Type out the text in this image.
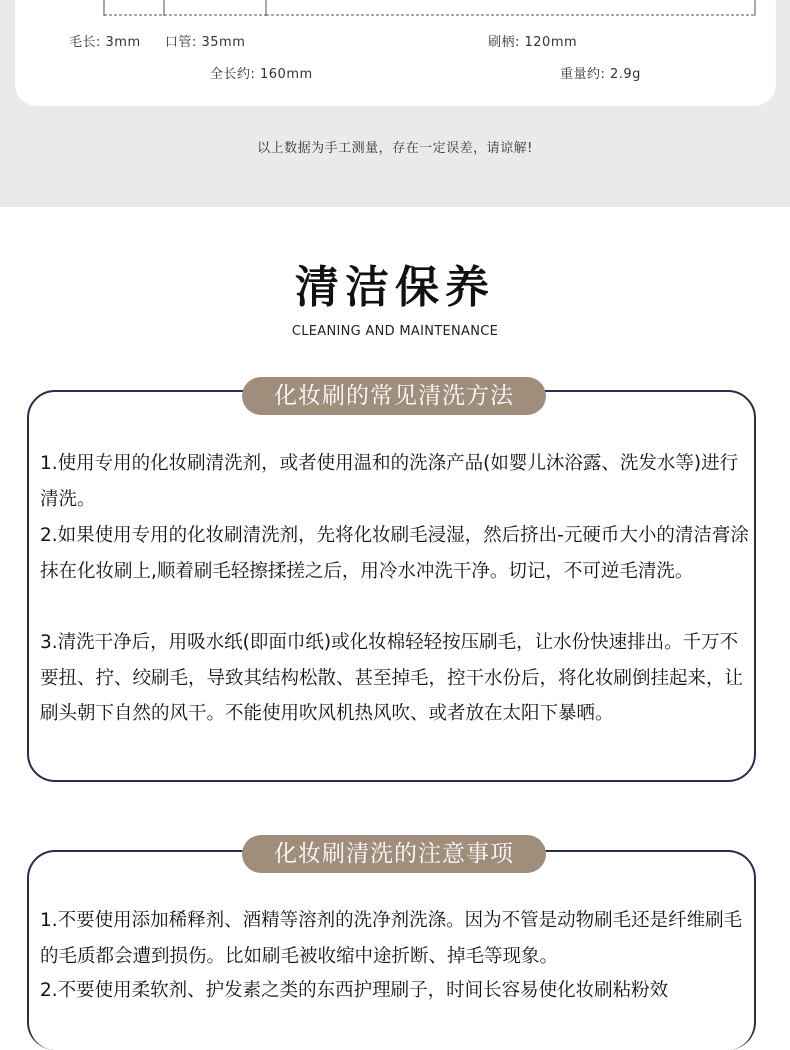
毛长: 3mm 口管: 35mm	刷柄: 120mm
全长约: 160mm	重量约: 2.9g
以上数据为手工测量，存在一定误差，请谅解!
清洁保养
CLEANING AND MAINTENANCE
化妆刷的常见清洗方法
1.使用专用的化妆刷清洗剂，或者使用温和的洗涤产品(如婴儿沐浴露、洗发水等)进行清洗。
2.如果使用专用的化妆刷清洗剂，先将化妆刷毛浸湿，然后挤出-元硬币大小的清洁膏涂抹在化妆刷上,顺着刷毛轻擦揉搓之后，用冷水冲洗干净。切记，不可逆毛清洗。
3.清洗干净后，用吸水纸(即面巾纸)或化妆棉轻轻按压刷毛，让水份快速排出。千万不要扭、拧、绞刷毛，导致其结构松散、甚至掉毛，控干水份后，将化妆刷倒挂起来，让刷头朝下自然的风干。不能使用吹风机热风吹、或者放在太阳下暴晒。
化妆刷清洗的注意事项
1.不要使用添加稀释剂、酒精等溶剂的洗净剂洗涤。因为不管是动物刷毛还是纤维刷毛的毛质都会遭到损伤。比如刷毛被收缩中途折断、掉毛等现象。
2.不要使用柔软剂、护发素之类的东西护理刷子，时间长容易使化妆刷粘粉效
